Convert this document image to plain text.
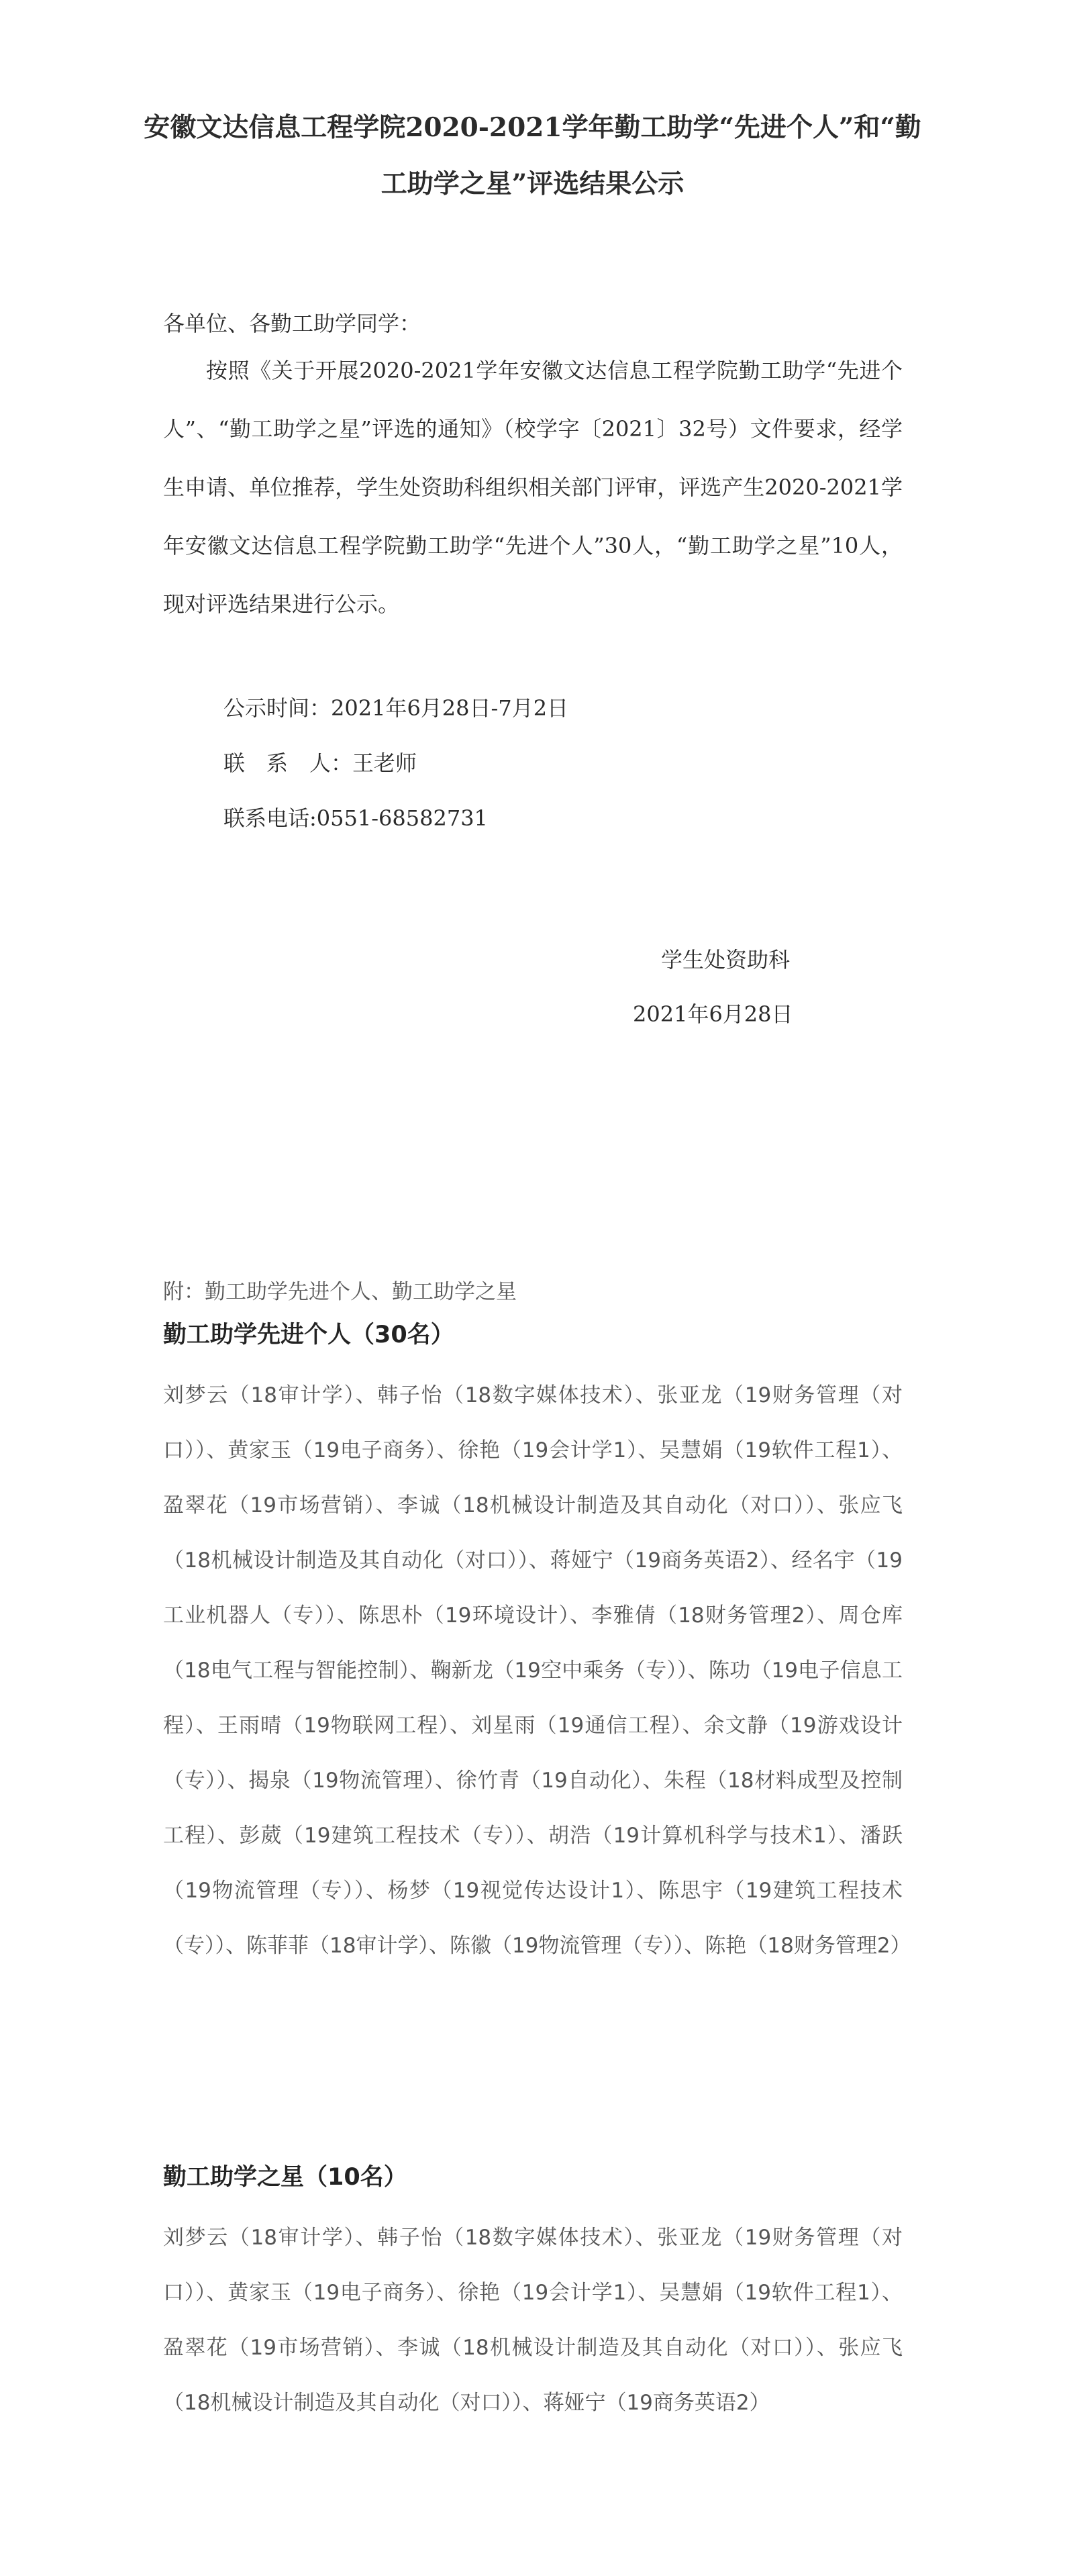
安徽文达信息工程学院2020-2021学年勤工助学“先进个人”和“勤工助学之星”评选结果公示

各单位、各勤工助学同学：

按照《关于开展2020-2021学年安徽文达信息工程学院勤工助学“先进个人”、“勤工助学之星”评选的通知》（校学字〔2021〕32号）文件要求，经学生申请、单位推荐，学生处资助科组织相关部门评审，评选产生2020-2021学年安徽文达信息工程学院勤工助学“先进个人”30人，“勤工助学之星”10人，现对评选结果进行公示。

公示时间：2021年6月28日-7月2日

联　系　人：王老师

联系电话:0551-68582731

学生处资助科

2021年6月28日

附：勤工助学先进个人、勤工助学之星

勤工助学先进个人（30名）

刘梦云（18审计学）、韩子怡（18数字媒体技术）、张亚龙（19财务管理（对口））、黄家玉（19电子商务）、徐艳（19会计学1）、吴慧娟（19软件工程1）、盈翠花（19市场营销）、李诚（18机械设计制造及其自动化（对口））、张应飞（18机械设计制造及其自动化（对口））、蒋娅宁（19商务英语2）、经名宇（19工业机器人（专））、陈思朴（19环境设计）、李雅倩（18财务管理2）、周仓库（18电气工程与智能控制）、鞠新龙（19空中乘务（专））、陈功（19电子信息工程）、王雨晴（19物联网工程）、刘星雨（19通信工程）、余文静（19游戏设计（专））、揭泉（19物流管理）、徐竹青（19自动化）、朱程（18材料成型及控制工程）、彭葳（19建筑工程技术（专））、胡浩（19计算机科学与技术1）、潘跃（19物流管理（专））、杨梦（19视觉传达设计1）、陈思宇（19建筑工程技术（专））、陈菲菲（18审计学）、陈徽（19物流管理（专））、陈艳（18财务管理2）

勤工助学之星（10名）

刘梦云（18审计学）、韩子怡（18数字媒体技术）、张亚龙（19财务管理（对口））、黄家玉（19电子商务）、徐艳（19会计学1）、吴慧娟（19软件工程1）、盈翠花（19市场营销）、李诚（18机械设计制造及其自动化（对口））、张应飞（18机械设计制造及其自动化（对口））、蒋娅宁（19商务英语2）
